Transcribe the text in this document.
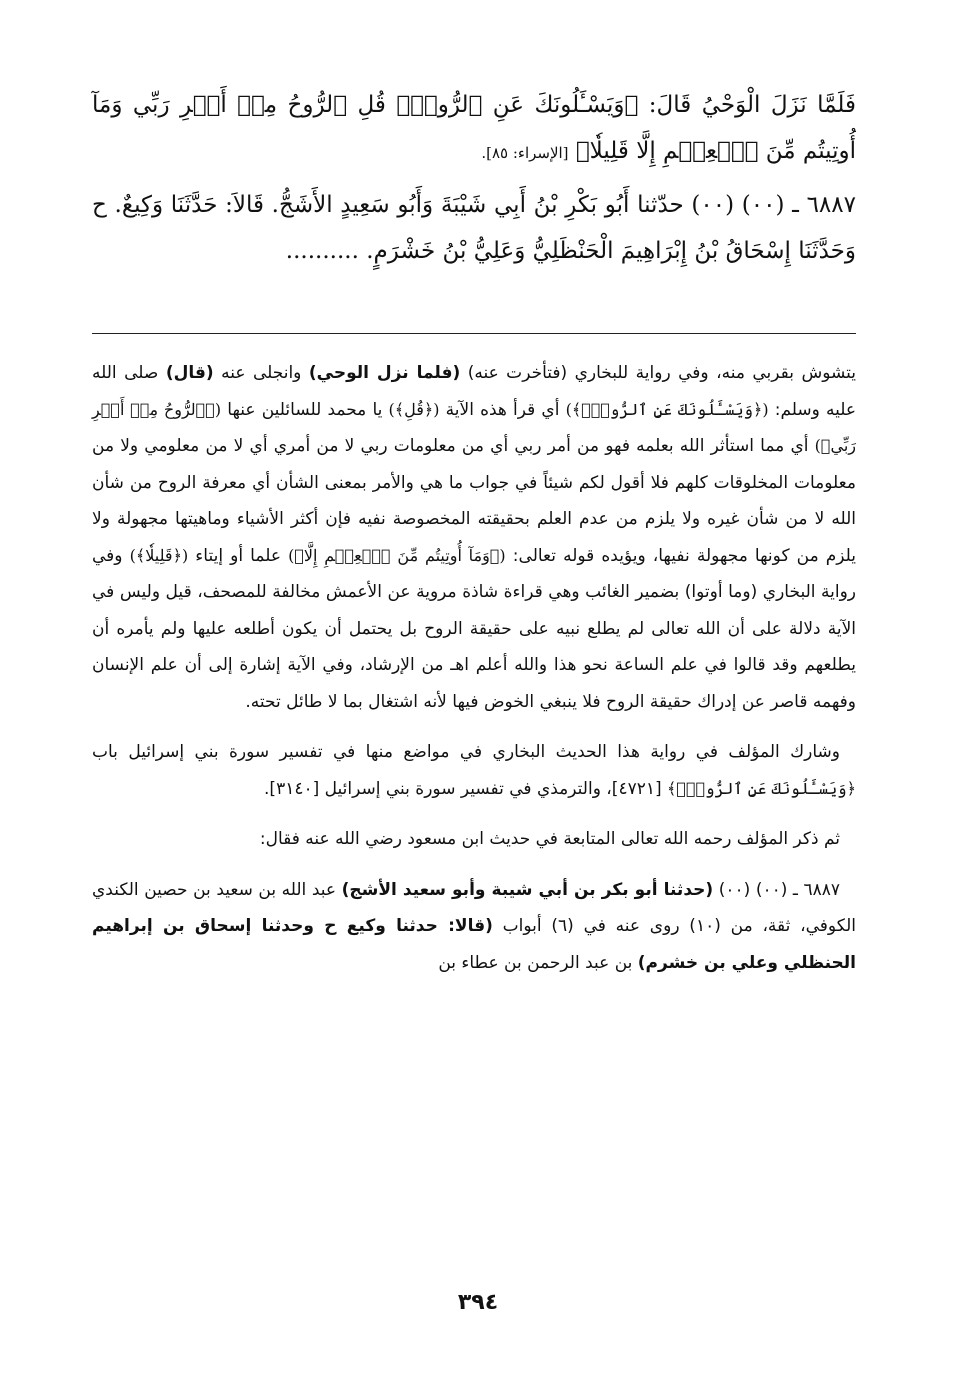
فَلَمَّا نَزَلَ الْوَحْيُ قَالَ: ﴿وَيَسْـَٔلُونَكَ عَنِ ٱلرُّوحِۖ قُلِ ٱلرُّوحُ مِنۡ أَمۡرِ رَبِّي وَمَآ أُوتِيتُم مِّنَ ٱلۡعِلۡمِ إِلَّا قَلِيلٗا﴾ [الإسراء: ٨٥].

٦٨٨٧ ـ (٠٠) (٠٠) حدّثنا أَبُو بَكْرِ بْنُ أَبِي شَيْبَةَ وَأَبُو سَعِيدٍ الأَشَجُّ. قَالاَ: حَدَّثَنَا وَكِيعٌ. ح وَحَدَّثَنَا إِسْحَاقُ بْنُ إِبْرَاهِيمَ الْحَنْظَلِيُّ وَعَلِيُّ بْنُ خَشْرَمٍ. ..........

يتشوش بقربي منه، وفي رواية للبخاري (فتأخرت عنه) (فلما نزل الوحي) وانجلى عنه (قال) صلى الله عليه وسلم: (﴿وَيَسْـَٔلُونَكَ عَنِ ٱلرُّوحِۖ﴾) أي قرأ هذه الآية (﴿قُلِ﴾) يا محمد للسائلين عنها (﴿ٱلرُّوحُ مِنۡ أَمۡرِ رَبِّي﴾) أي مما استأثر الله بعلمه فهو من أمر ربي أي من معلومات ربي لا من أمري أي لا من معلومي ولا من معلومات المخلوقات كلهم فلا أقول لكم شيئاً في جواب ما هي والأمر بمعنى الشأن أي معرفة الروح من شأن الله لا من شأن غيره ولا يلزم من عدم العلم بحقيقته المخصوصة نفيه فإن أكثر الأشياء وماهيتها مجهولة ولا يلزم من كونها مجهولة نفيها، ويؤيده قوله تعالى: (﴿وَمَآ أُوتِيتُم مِّنَ ٱلۡعِلۡمِ إِلَّا﴾) علما أو إيتاء (﴿قَلِيلٗا﴾) وفي رواية البخاري (وما أوتوا) بضمير الغائب وهي قراءة شاذة مروية عن الأعمش مخالفة للمصحف، قيل وليس في الآية دلالة على أن الله تعالى لم يطلع نبيه على حقيقة الروح بل يحتمل أن يكون أطلعه عليها ولم يأمره أن يطلعهم وقد قالوا في علم الساعة نحو هذا والله أعلم اهـ من الإرشاد، وفي الآية إشارة إلى أن علم الإنسان وفهمه قاصر عن إدراك حقيقة الروح فلا ينبغي الخوض فيها لأنه اشتغال بما لا طائل تحته.

وشارك المؤلف في رواية هذا الحديث البخاري في مواضع منها في تفسير سورة بني إسرائيل باب ﴿وَيَسْـَٔلُونَكَ عَنِ ٱلرُّوحِۖ﴾ [٤٧٢١]، والترمذي في تفسير سورة بني إسرائيل [٣١٤٠].

ثم ذكر المؤلف رحمه الله تعالى المتابعة في حديث ابن مسعود رضي الله عنه فقال:

٦٨٨٧ ـ (٠٠) (٠٠) (حدثنا أبو بكر بن أبي شيبة وأبو سعيد الأشج) عبد الله بن سعيد بن حصين الكندي الكوفي، ثقة، من (١٠) روى عنه في (٦) أبواب (قالا: حدثنا وكيع ح وحدثنا إسحاق بن إبراهيم الحنظلي وعلي بن خشرم) بن عبد الرحمن بن عطاء بن

٣٩٤
